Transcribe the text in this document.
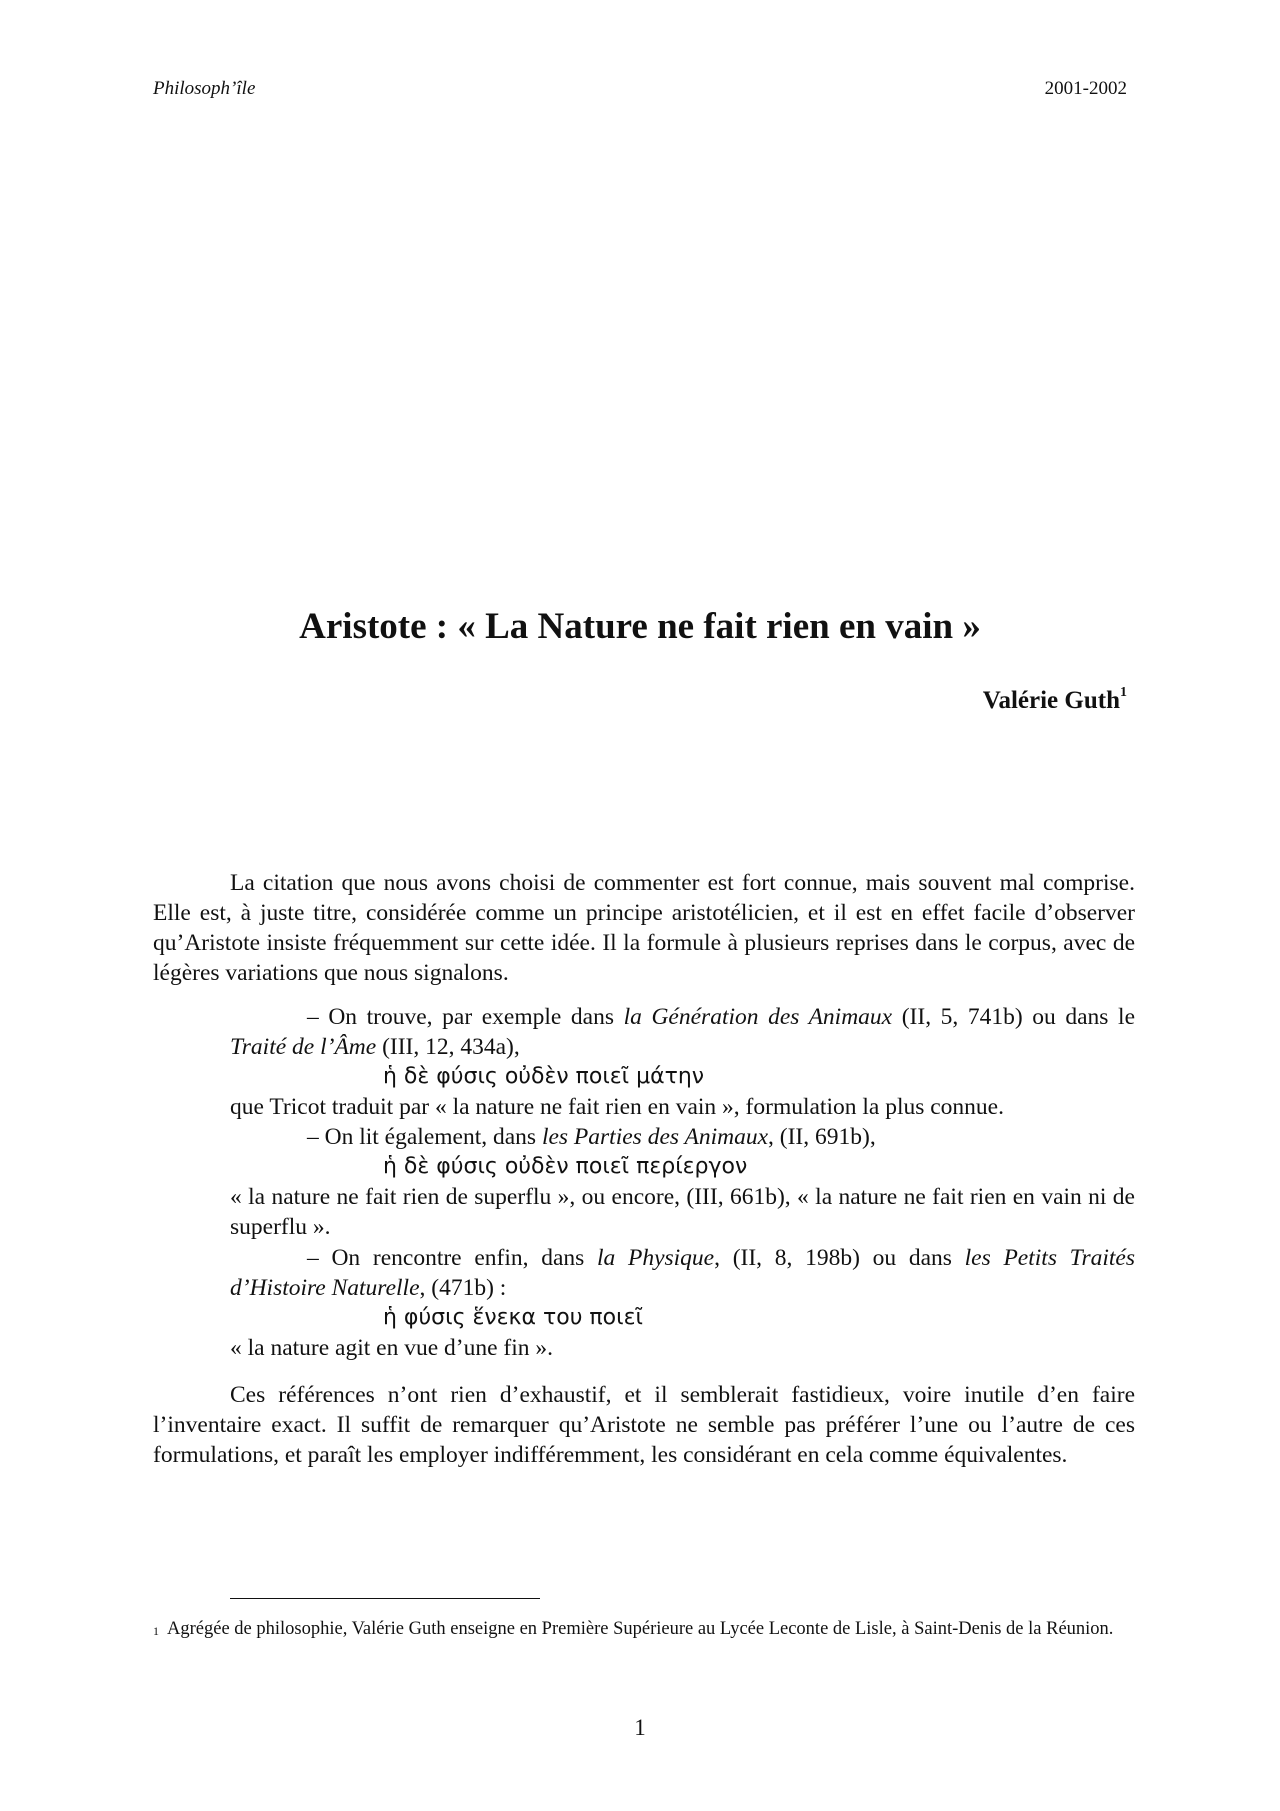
Philosoph’île	2001-2002
Aristote : « La Nature ne fait rien en vain »
Valérie Guth$^1$

La citation que nous avons choisi de commenter est fort connue, mais souvent mal comprise. Elle est, à juste titre, considérée comme un principe aristotélicien, et il est en effet facile d’observer qu’Aristote insiste fréquemment sur cette idée. Il la formule à plusieurs reprises dans le corpus, avec de légères variations que nous signalons.

– On trouve, par exemple dans la Génération des Animaux (II, 5, 741b) ou dans le Traité de l’Âme (III, 12, 434a),
ἡ δὲ φύσις οὐδὲν ποιεῖ μάτην
que Tricot traduit par « la nature ne fait rien en vain », formulation la plus connue.
– On lit également, dans les Parties des Animaux, (II, 691b),
ἡ δὲ φύσις οὐδὲν ποιεῖ περίεργον
« la nature ne fait rien de superflu », ou encore, (III, 661b), « la nature ne fait rien en vain ni de superflu ».
– On rencontre enfin, dans la Physique, (II, 8, 198b) ou dans les Petits Traités d’Histoire Naturelle, (471b) :
ἡ φύσις ἕνεκα του ποιεῖ
« la nature agit en vue d’une fin ».

Ces références n’ont rien d’exhaustif, et il semblerait fastidieux, voire inutile d’en faire l’inventaire exact. Il suffit de remarquer qu’Aristote ne semble pas préférer l’une ou l’autre de ces formulations, et paraît les employer indifféremment, les considérant en cela comme équivalentes.

$^1$ Agrégée de philosophie, Valérie Guth enseigne en Première Supérieure au Lycée Leconte de Lisle, à Saint-Denis de la Réunion.
1
